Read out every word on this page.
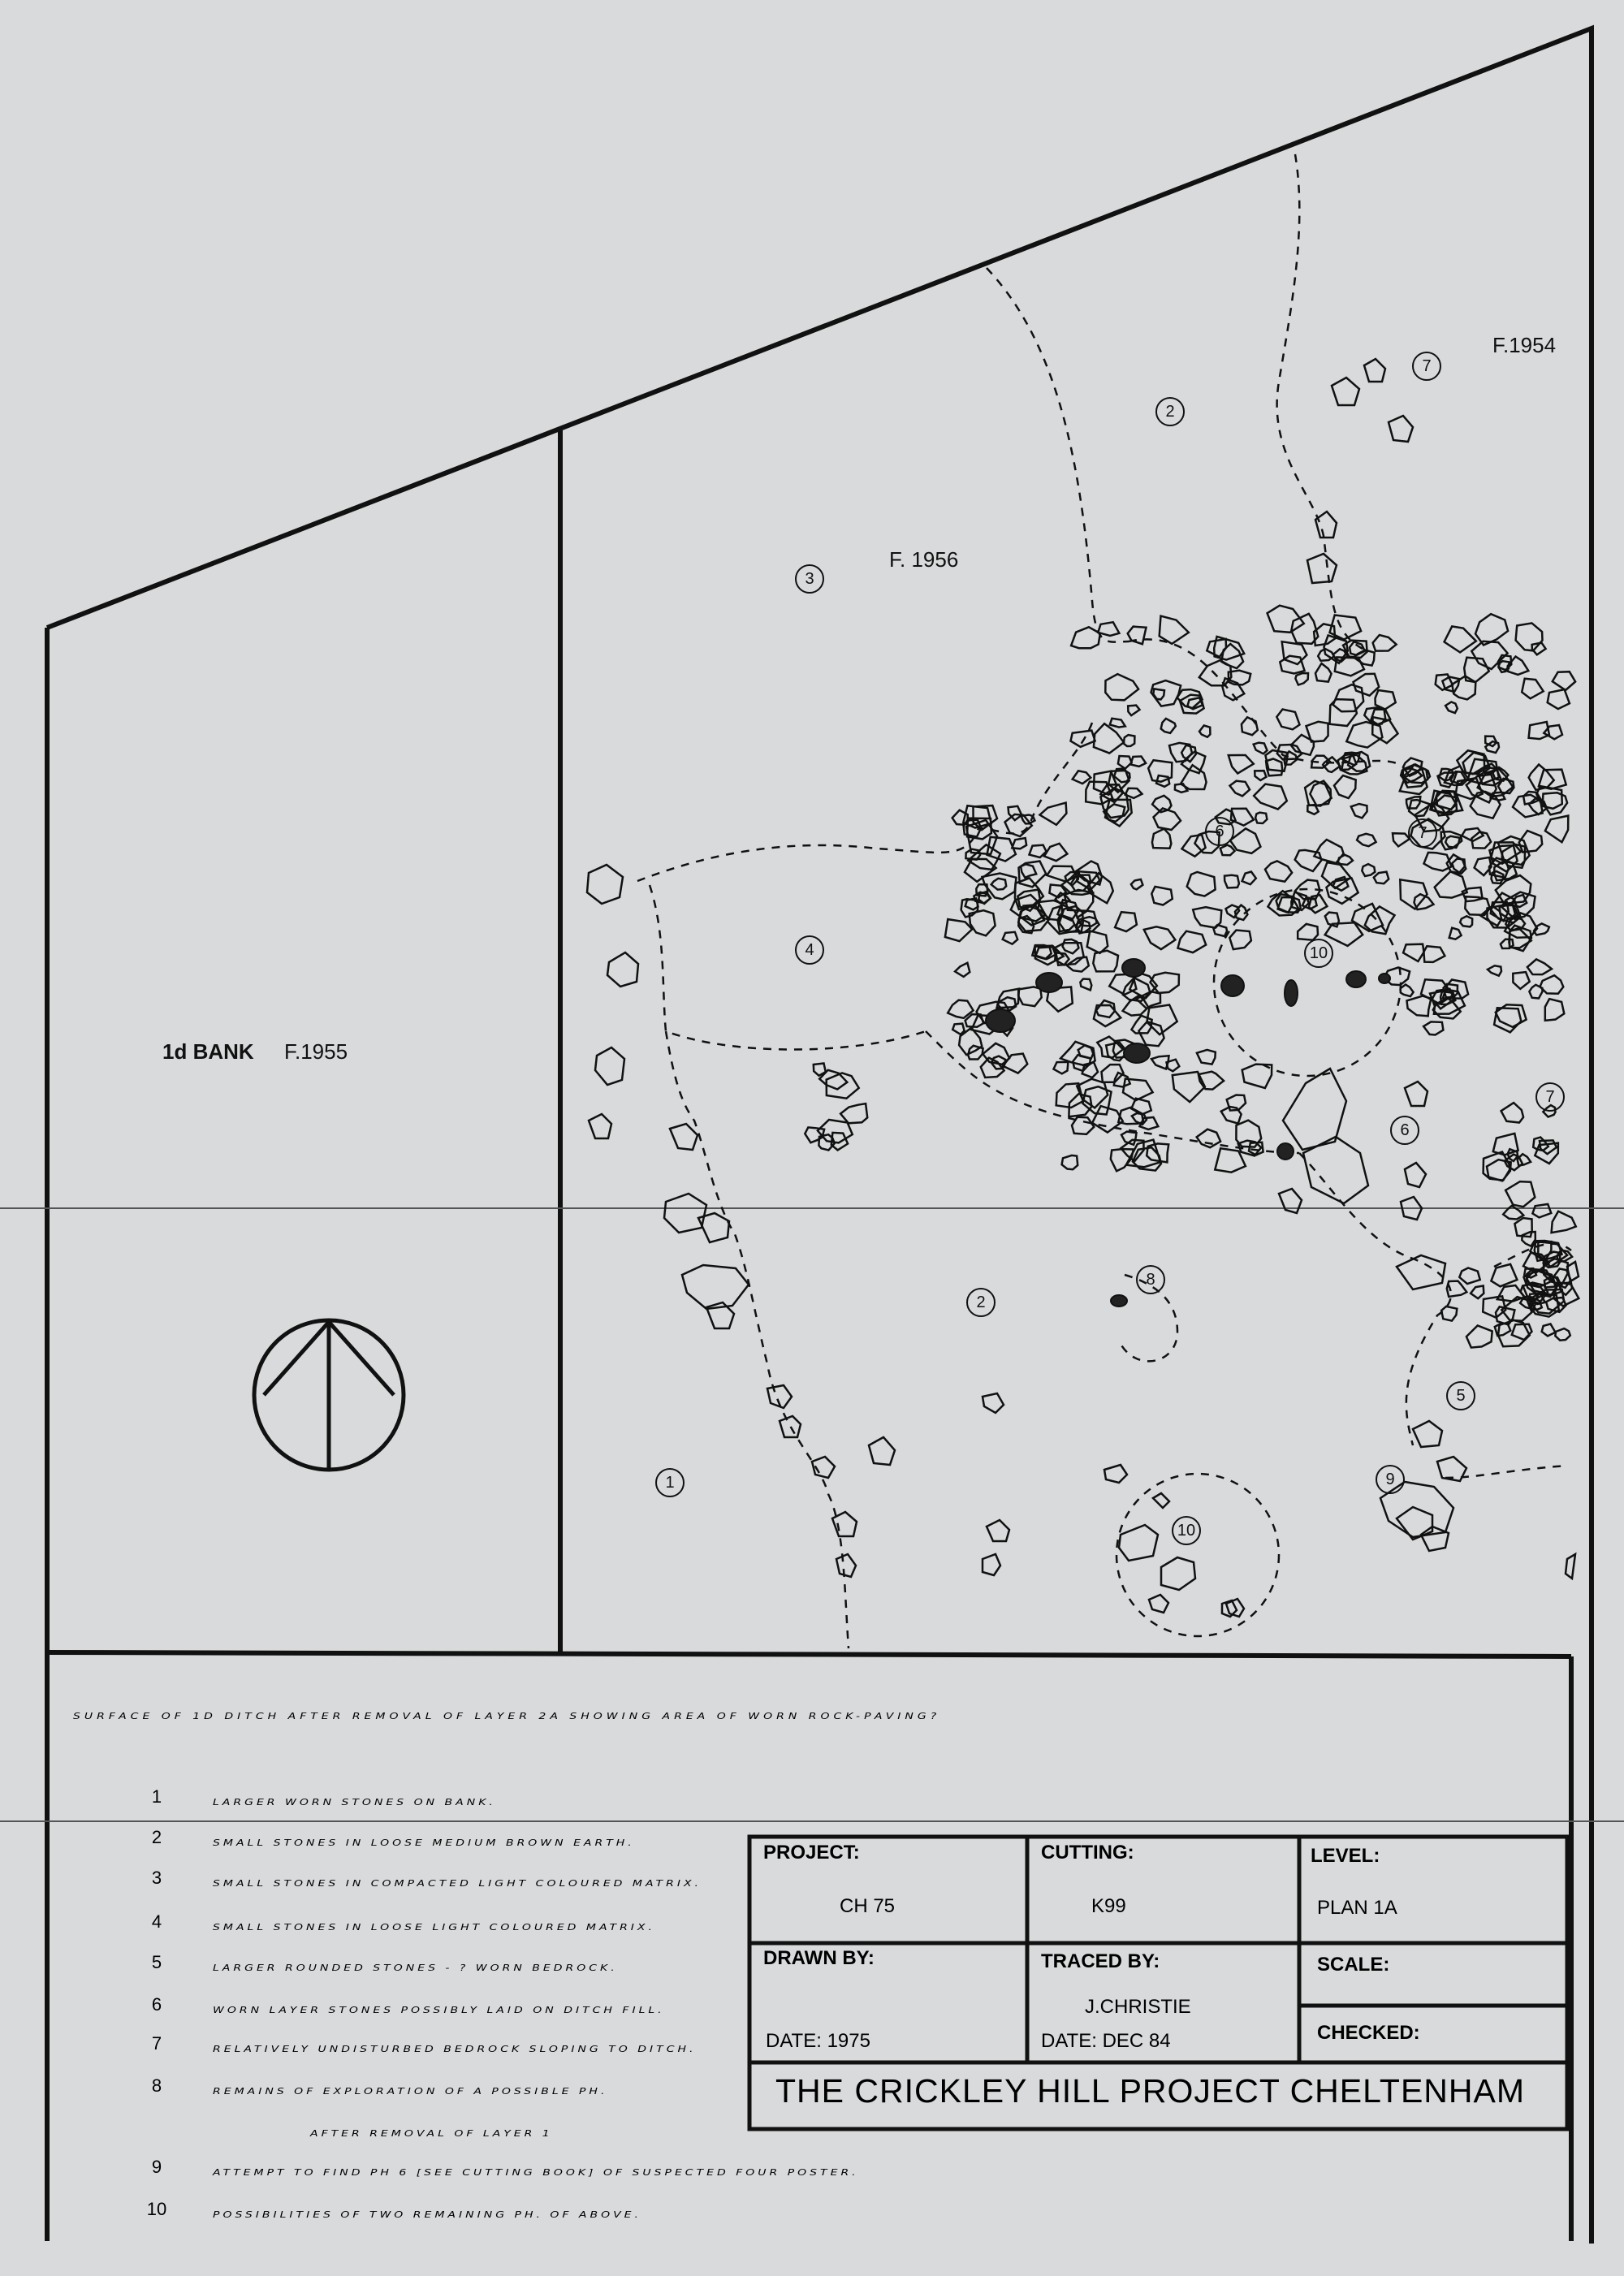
1d BANK F.1955
F. 1956
F.1954
3
2
7
4
6	7
10
6
7
8
2
5
1	9
10
SURFACE OF 1D DITCH AFTER REMOVAL OF LAYER 2A SHOWING AREA OF WORN ROCK-PAVING?
1	LARGER WORN STONES ON BANK.
2	SMALL STONES IN LOOSE MEDIUM BROWN EARTH.
3	SMALL STONES IN COMPACTED LIGHT COLOURED MATRIX.
4	SMALL STONES IN LOOSE LIGHT COLOURED MATRIX.
5	LARGER ROUNDED STONES - ? WORN BEDROCK.
6	WORN LAYER STONES POSSIBLY LAID ON DITCH FILL.
7	RELATIVELY UNDISTURBED BEDROCK SLOPING TO DITCH.
8	REMAINS OF EXPLORATION OF A POSSIBLE PH.
AFTER REMOVAL OF LAYER 1
9	ATTEMPT TO FIND PH 6 [SEE CUTTING BOOK] OF SUSPECTED FOUR POSTER.
10	POSSIBILITIES OF TWO REMAINING PH. OF ABOVE.
PROJECT:
CH 75
CUTTING:
K99
LEVEL:
PLAN 1A
DRAWN BY:
DATE: 1975
TRACED BY:
J.CHRISTIE
DATE: DEC 84
SCALE:
CHECKED:
THE CRICKLEY HILL PROJECT CHELTENHAM
